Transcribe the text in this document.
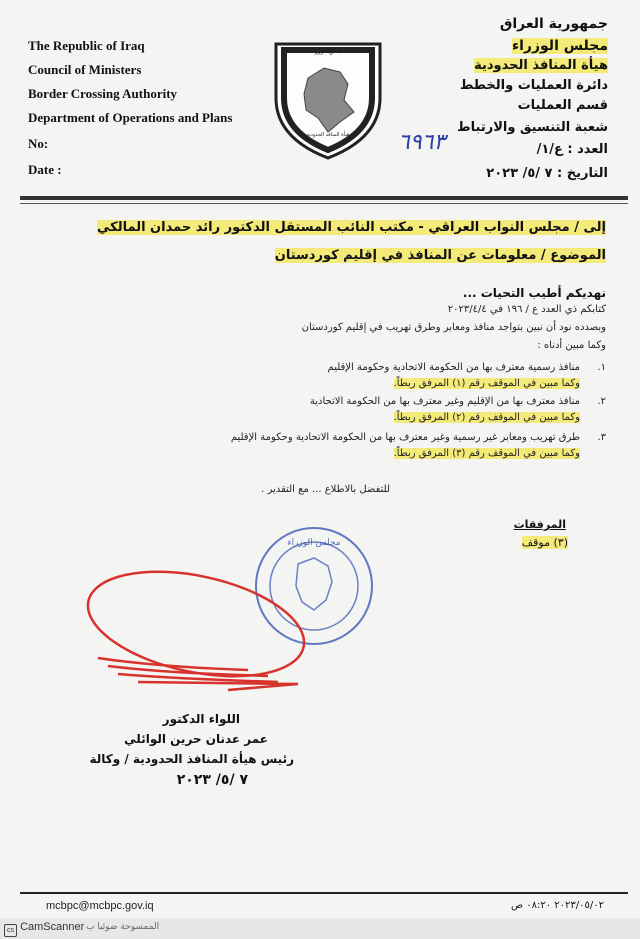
The Republic of Iraq
Council of Ministers
Border Crossing Authority
Department of Operations and Plans
No:
Date :
مجلس الوزراء
هيأة المنافذ الحدودية
جمهورية العراق
مجلس الوزراء
هيأة المنافذ الحدودية
دائرة العمليات والخطط
قسم العمليات
شعبة التنسيق والارتباط
العدد : ع/١/
٦٩٦٣
التاريخ : ٧ /٥/ ٢٠٢٣
إلى / مجلس النواب العراقي - مكتب النائب المستقل الدكتور رائد حمدان المالكي
الموضوع / معلومات عن المنافذ في إقليم كوردستان
نهديكم أطيب التحيات ...
كتابكم ذي العدد ع / ١٩٦ في ٢٠٢٣/٤/٤
وبصدده نود أن نبين بتواجد منافذ ومعابر وطرق تهريب في إقليم كوردستان
وكما مبين أدناه :
١.
منافذ رسمية معترف بها من الحكومة الاتحادية وحكومة الإقليم
وكما مبين في الموقف رقم (١) المرفق ربطاً.
٢.
منافذ معترف بها من الإقليم وغير معترف بها من الحكومة الاتحادية
وكما مبين في الموقف رقم (٢) المرفق ربطاً.
٣.
طرق تهريب ومعابر غير رسمية وغير معترف بها من الحكومة الاتحادية وحكومة الإقليم
وكما مبين في الموقف رقم (٣) المرفق ربطاً.
للتفضل بالاطلاع ... مع التقدير .
المرفقات
(٣) موقف
مجلس الوزراء
اللواء الدكتور
عمر عدنان حرين الوائلي
رئيس هيأة المنافذ الحدودية / وكالة
٧ /٥/ ٢٠٢٣
mcbpc@mcbpc.gov.iq	٢٠٢٣/٠٥/٠٢ ٠٨:٢٠ ص
cs CamScanner الممسوحة ضوئيا ب
